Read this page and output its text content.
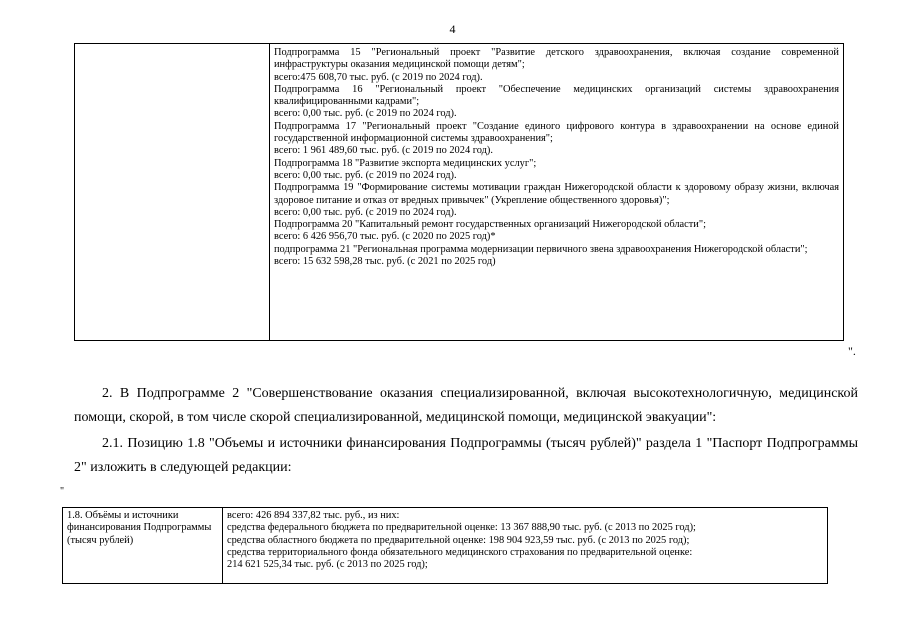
4

Подпрограмма 15 "Региональный проект "Развитие детского здравоохранения, включая создание современной инфраструктуры оказания медицинской помощи детям";

всего:475 608,70 тыс. руб. (с 2019 по 2024 год).

Подпрограмма 16 "Региональный проект "Обеспечение медицинских организаций системы здравоохранения квалифицированными кадрами";

всего: 0,00 тыс. руб. (с 2019 по 2024 год).

Подпрограмма 17 "Региональный проект "Создание единого цифрового контура в здравоохранении на основе единой государственной информационной системы здравоохранения";

всего: 1 961 489,60 тыс. руб. (с 2019 по 2024 год).

Подпрограмма 18 "Развитие экспорта медицинских услуг";

всего: 0,00 тыс. руб. (с 2019 по 2024 год).

Подпрограмма 19 "Формирование системы мотивации граждан Нижегородской области к здоровому образу жизни, включая здоровое питание и отказ от вредных привычек" (Укрепление общественного здоровья)";

всего: 0,00 тыс. руб. (с 2019 по 2024 год).

Подпрограмма 20 "Капитальный ремонт государственных организаций Нижегородской области";

всего: 6 426 956,70 тыс. руб. (с 2020 по 2025 год)*

подпрограмма 21 "Региональная программа модернизации первичного звена здравоохранения Нижегородской области";

всего: 15 632 598,28 тыс. руб. (с 2021 по 2025 год)

".

2. В Подпрограмме 2 "Совершенствование оказания специализированной, включая высокотехнологичную, медицинской помощи, скорой, в том числе скорой специализированной, медицинской помощи, медицинской эвакуации":

2.1. Позицию 1.8 "Объемы и источники финансирования Подпрограммы (тысяч рублей)" раздела 1 "Паспорт Подпрограммы 2" изложить в следующей редакции:

"
1.8. Объёмы и источники финансирования Подпрограммы (тысяч рублей)

всего: 426 894 337,82 тыс. руб., из них:

средства федерального бюджета по предварительной оценке: 13 367 888,90 тыс. руб. (с 2013 по 2025 год);

средства областного бюджета по предварительной оценке: 198 904 923,59 тыс. руб. (с 2013 по 2025 год);

средства территориального фонда обязательного медицинского страхования по предварительной оценке:

214 621 525,34 тыс. руб. (с 2013 по 2025 год);
